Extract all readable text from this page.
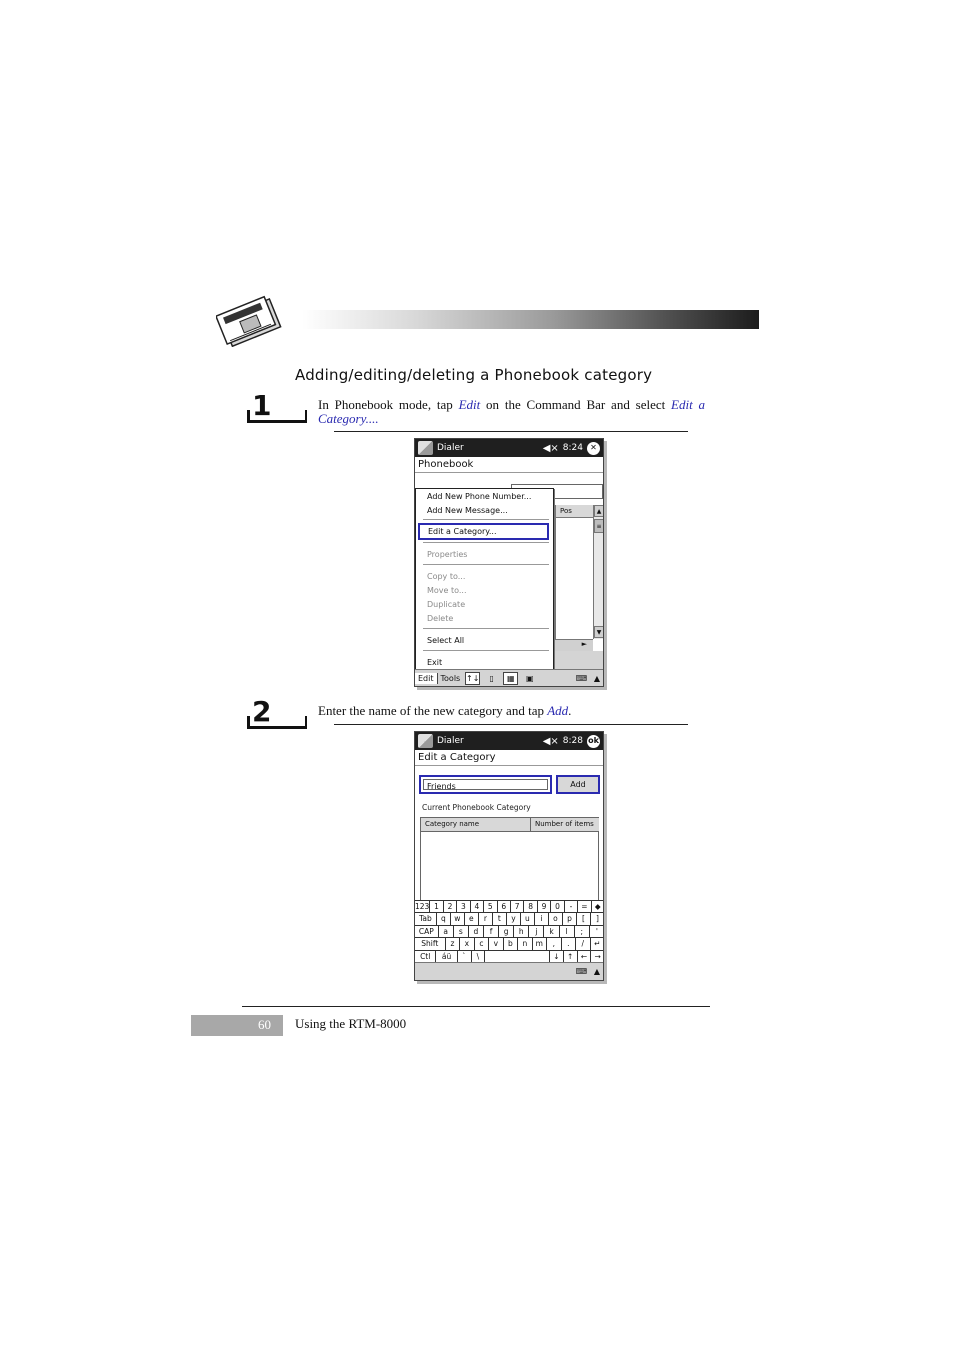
Adding/editing/deleting a Phonebook category
1	In Phonebook mode, tap Edit on the Command Bar and select Edit a Category....
Dialer	◀× 8:24 ✕
Phonebook
Pos	▲
≡
▼
►
Add New Phone Number...
Add New Message...
Edit a Category...
Properties
Copy to...
Move to...
Duplicate
Delete
Select All
Exit
Edit Tools ↑↓	▯	▦	▣	⌨ ▲
2	Enter the name of the new category and tap Add.
Dialer	◀× 8:28 ok
Edit a Category
Friends	Add
Current Phonebook Category
Category name	Number of items
123 1	2	3	4	5	6	7	8	9	0	-	= ◆
Tab	q	w	e	r	t	y	u	i	o	p	[	]
CAP	a	s	d	f	g	h	j	k	l	;	'
Shift	z	x	c	v	b	n	m	,	.	/	↵
Ctl	áü	`	\	↓ ↑ ← →
⌨ ▲
60	Using the RTM-8000
